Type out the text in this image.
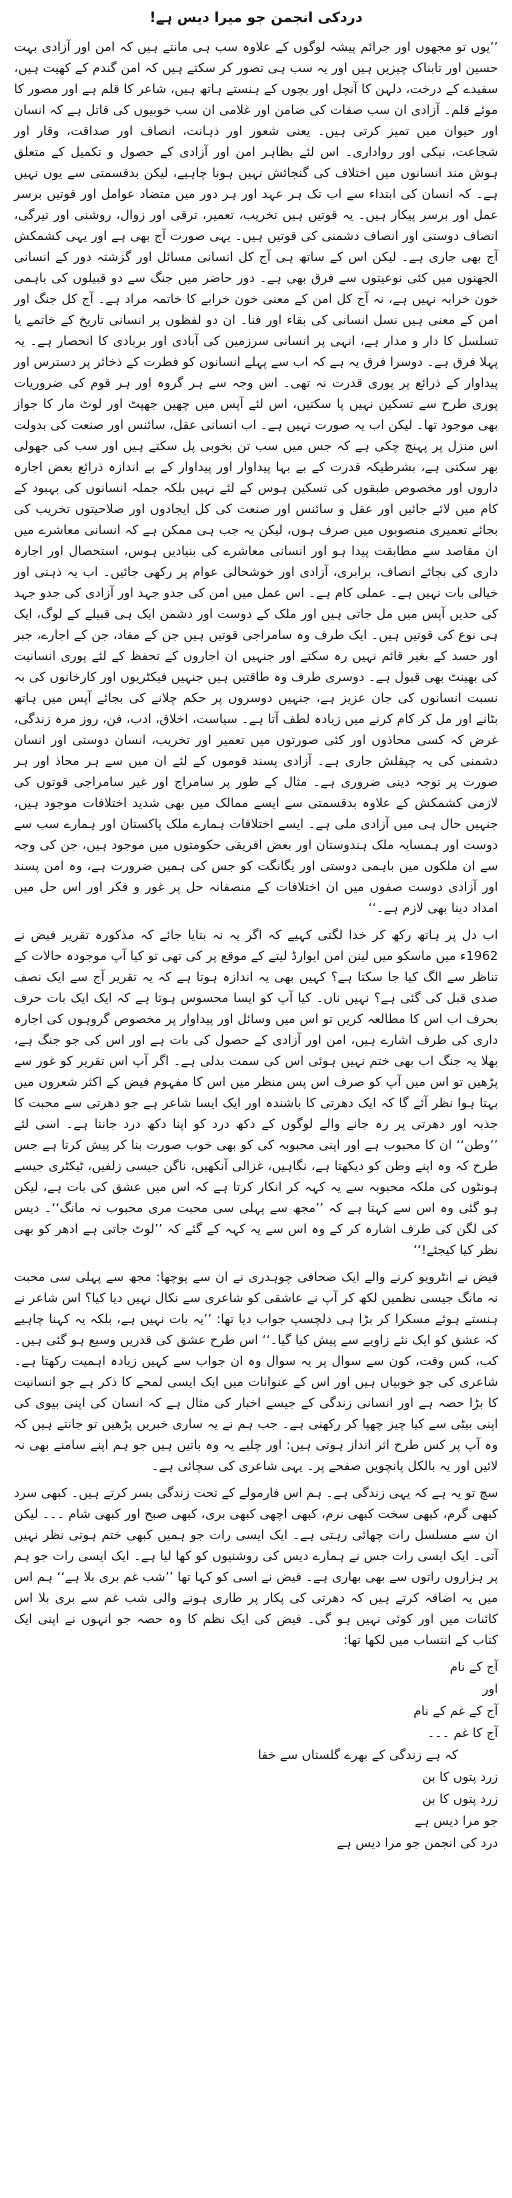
دردکی انجمن جو میرا دیس ہے!

’’یوں تو مجھوں اور جرائم پیشہ لوگوں کے علاوہ سب ہی مانتے ہیں کہ امن اور آزادی بہت حسین اور تابناک چیزیں ہیں اور یہ سب ہی تصور کر سکتے ہیں کہ امن گندم کے کھیت ہیں، سفیدے کے درخت، دلہن کا آنچل اور بچوں کے ہنستے ہاتھ ہیں، شاعر کا قلم ہے اور مصور کا موئے قلم۔ آزادی ان سب صفات کی ضامن اور غلامی ان سب خوبیوں کی قاتل ہے کہ انسان اور حیوان میں تمیز کرتی ہیں۔ یعنی شعور اور ذہانت، انصاف اور صداقت، وقار اور شجاعت، نیکی اور رواداری۔ اس لئے بظاہر امن اور آزادی کے حصول و تکمیل کے متعلق ہوش مند انسانوں میں اختلاف کی گنجائش نہیں ہونا چاہیے، لیکن بدقسمتی سے یوں نہیں ہے۔ کہ انسان کی ابتداء سے اب تک ہر عہد اور ہر دور میں متضاد عوامل اور قوتیں برسر عمل اور برسر پیکار ہیں۔ یہ قوتیں ہیں تخریب، تعمیر، ترقی اور زوال، روشنی اور تیرگی، انصاف دوستی اور انصاف دشمنی کی قوتیں ہیں۔ یہی صورت آج بھی ہے اور یہی کشمکش آج بھی جاری ہے۔ لیکن اس کے ساتھ ہی آج کل انسانی مسائل اور گزشتہ دور کے انسانی الجھنوں میں کئی نوعیتوں سے فرق بھی ہے۔ دور حاضر میں جنگ سے دو قبیلوں کی باہمی خون خرابہ نہیں ہے، نہ آج کل امن کے معنی خون خرابے کا خاتمہ مراد ہے۔ آج کل جنگ اور امن کے معنی ہیں نسل انسانی کی بقاء اور فنا۔ ان دو لفظوں پر انسانی تاریخ کے خاتمے یا تسلسل کا دار و مدار ہے، انہی پر انسانی سرزمین کی آبادی اور بربادی کا انحصار ہے۔ یہ پہلا فرق ہے۔ دوسرا فرق یہ ہے کہ اب سے پہلے انسانوں کو فطرت کے ذخائر پر دسترس اور پیداوار کے ذرائع پر پوری قدرت نہ تھی۔ اس وجہ سے ہر گروہ اور ہر قوم کی ضروریات پوری طرح سے تسکین نہیں پا سکتیں، اس لئے آپس میں چھین جھپٹ اور لوٹ مار کا جواز بھی موجود تھا۔ لیکن اب یہ صورت نہیں ہے۔ اب انسانی عقل، سائنس اور صنعت کی بدولت اس منزل پر پہنچ چکی ہے کہ جس میں سب تن بخوبی پل سکتے ہیں اور سب کی جھولی بھر سکتی ہے، بشرطیکہ قدرت کے بے بہا پیداوار اور پیداوار کے بے اندازہ ذرائع بعض اجارہ داروں اور مخصوص طبقوں کی تسکین ہوس کے لئے نہیں بلکہ جملہ انسانوں کی بہبود کے کام میں لائے جائیں اور عقل و سائنس اور صنعت کی کل ایجادوں اور صلاحیتوں تخریب کی بجائے تعمیری منصوبوں میں صرف ہوں، لیکن یہ جب ہی ممکن ہے کہ انسانی معاشرے میں ان مقاصد سے مطابقت پیدا ہو اور انسانی معاشرے کی بنیادیں ہوس، استحصال اور اجارہ داری کی بجائے انصاف، برابری، آزادی اور خوشحالی عوام پر رکھی جائیں۔ اب یہ ذہنی اور خیالی بات نہیں ہے۔ عملی کام ہے۔ اس عمل میں امن کی جدو جہد اور آزادی کی جدو جہد کی حدیں آپس میں مل جاتی ہیں اور ملک کے دوست اور دشمن ایک ہی قبیلے کے لوگ، ایک ہی نوع کی قوتیں ہیں۔ ایک طرف وہ سامراجی قوتیں ہیں جن کے مفاد، جن کے اجارے، جبر اور حسد کے بغیر قائم نہیں رہ سکتے اور جنہیں ان اجاروں کے تحفظ کے لئے پوری انسانیت کی بھینٹ بھی قبول ہے۔ دوسری طرف وہ طاقتیں ہیں جنہیں فیکٹریوں اور کارخانوں کی بہ نسبت انسانوں کی جان عزیز ہے، جنہیں دوسروں پر حکم چلانے کی بجائے آپس میں ہاتھ بٹانے اور مل کر کام کرنے میں زیادہ لطف آتا ہے۔ سیاست، اخلاق، ادب، فن، روز مرہ زندگی، غرض کہ کسی محاذوں اور کئی صورتوں میں تعمیر اور تخریب، انسان دوستی اور انسان دشمنی کی یہ چپقلش جاری ہے۔ آزادی پسند قوموں کے لئے ان میں سے ہر محاذ اور ہر صورت پر توجہ دینی ضروری ہے۔ مثال کے طور پر سامراج اور غیر سامراجی قوتوں کی لازمی کشمکش کے علاوہ بدقسمتی سے ایسے ممالک میں بھی شدید اختلافات موجود ہیں، جنہیں حال ہی میں آزادی ملی ہے۔ ایسے اختلافات ہمارے ملک پاکستان اور ہمارے سب سے دوست اور ہمسایہ ملک ہندوستان اور بعض افریقی حکومتوں میں موجود ہیں، جن کی وجہ سے ان ملکوں میں باہمی دوستی اور یگانگت کو جس کی ہمیں ضرورت ہے، وہ امن پسند اور آزادی دوست صفوں میں ان اختلافات کے منصفانہ حل پر غور و فکر اور اس حل میں امداد دینا بھی لازم ہے۔‘‘

اب دل پر ہاتھ رکھ کر خدا لگتی کہیے کہ اگر یہ نہ بتایا جائے کہ مذکورہ تقریر فیض نے 1962ء میں ماسکو میں لینن امن ایوارڈ لیتے کے موقع پر کی تھی تو کیا آپ موجودہ حالات کے تناظر سے الگ کیا جا سکتا ہے؟ کہیں بھی یہ اندازہ ہوتا ہے کہ یہ تقریر آج سے ایک نصف صدی قبل کی گئی ہے؟ نہیں ناں۔ کیا آپ کو ایسا محسوس ہوتا ہے کہ ایک ایک بات حرف بحرف اب اس کا مطالعہ کریں تو اس میں وسائل اور پیداوار پر مخصوص گروہوں کی اجارہ داری کی طرف اشارے ہیں، امن اور آزادی کے حصول کی بات ہے اور اس کی جو جنگ ہے، بھلا یہ جنگ اب بھی ختم نہیں ہوئی اس کی سمت بدلی ہے۔ اگر آپ اس تقریر کو غور سے پڑھیں تو اس میں آپ کو صرف اس پس منظر میں اس کا مفہوم فیض کے اکثر شعروں میں بہتا ہوا نظر آئے گا کہ ایک دھرتی کا باشندہ اور ایک ایسا شاعر ہے جو دھرتی سے محبت کا جذبہ اور دھرتی پر رہ جانے والے لوگوں کے دکھ درد کو اپنا دکھ درد جانتا ہے۔ اسی لئے ’’وطن‘‘ ان کا محبوب ہے اور اپنی محبوبہ کی کو بھی خوب صورت بنا کر پیش کرتا ہے جس طرح کہ وہ اپنے وطن کو دیکھتا ہے، نگاہیں، غزالی آنکھیں، ناگن جیسی زلفیں، ٹیکٹری جیسے ہونٹوں کی ملکہ محبوبہ سے یہ کہہ کر انکار کرتا ہے کہ اس میں عشق کی بات ہے، لیکن ہو گئی وہ اس سے کہتا ہے کہ ’’مجھ سے پہلی سی محبت مری محبوب نہ مانگ‘‘۔ دیس کی لگن کی طرف اشارہ کر کے وہ اس سے یہ کہہ کے گئے کہ ’’لوٹ جاتی ہے ادھر کو بھی نظر کیا کیجئے!‘‘

فیض نے انٹرویو کرنے والے ایک صحافی چوہدری نے ان سے پوچھا: مجھ سے پہلی سی محبت نہ مانگ جیسی نظمیں لکھ کر آپ نے عاشقی کو شاعری سے نکال نہیں دیا کیا؟ اس شاعر نے ہنستے ہوئے مسکرا کر بڑا ہی دلچسپ جواب دیا تھا: ’’یہ بات نہیں ہے، بلکہ یہ کہنا چاہیے کہ عشق کو ایک نئے زاویے سے پیش کیا گیا۔‘‘ اس طرح عشق کی قدریں وسیع ہو گئی ہیں۔ کب، کس وقت، کون سے سوال پر یہ سوال وہ ان جواب سے کہیں زیادہ اہمیت رکھتا ہے۔ شاعری کی جو خوبیاں ہیں اور اس کے عنوانات میں ایک ایسی لمحے کا ذکر ہے جو انسانیت کا بڑا حصہ ہے اور انسانی زندگی کے جیسے اخبار کی مثال ہے کہ انسان کی اپنی بیوی کی اپنی بیٹی سے کیا چیز چھپا کر رکھنی ہے۔ جب ہم نے یہ ساری خبریں پڑھیں تو جانتے ہیں کہ وہ آپ پر کس طرح اثر انداز ہوتی ہیں: اور چلیے یہ وہ باتیں ہیں جو ہم اپنے سامنے بھی نہ لائیں اور یہ بالکل پانچویں صفحے پر۔ یہی شاعری کی سچائی ہے۔

سچ تو یہ ہے کہ یہی زندگی ہے۔ ہم اس فارمولے کے تحت زندگی بسر کرتے ہیں۔ کبھی سرد کبھی گرم، کبھی سخت کبھی نرم، کبھی اچھی کبھی بری، کبھی صبح اور کبھی شام ۔۔۔ لیکن ان سے مسلسل رات چھائی رہتی ہے۔ ایک ایسی رات جو ہمیں کبھی ختم ہوتی نظر نہیں آتی۔ ایک ایسی رات جس نے ہمارے دیس کی روشنیوں کو کھا لیا ہے۔ ایک ایسی رات جو ہم پر ہزاروں راتوں سے بھی بھاری ہے۔ فیض نے اسی کو کہا تھا ’’شب غم بری بلا ہے‘‘ ہم اس میں یہ اضافہ کرتے ہیں کہ دھرتی کی پکار پر طاری ہونے والی شب غم سے بری بلا اس کائنات میں اور کوئی نہیں ہو گی۔ فیض کی ایک نظم کا وہ حصہ جو انہوں نے اپنی ایک کتاب کے انتساب میں لکھا تھا:

آج کے نام
اور
آج کے غم کے نام
آج کا غم ۔۔۔
کہ ہے زندگی کے بھرے گلستاں سے خفا
زرد پتوں کا بن
زرد پتوں کا بن
جو مرا دیس ہے
درد کی انجمن جو مرا دیس ہے
